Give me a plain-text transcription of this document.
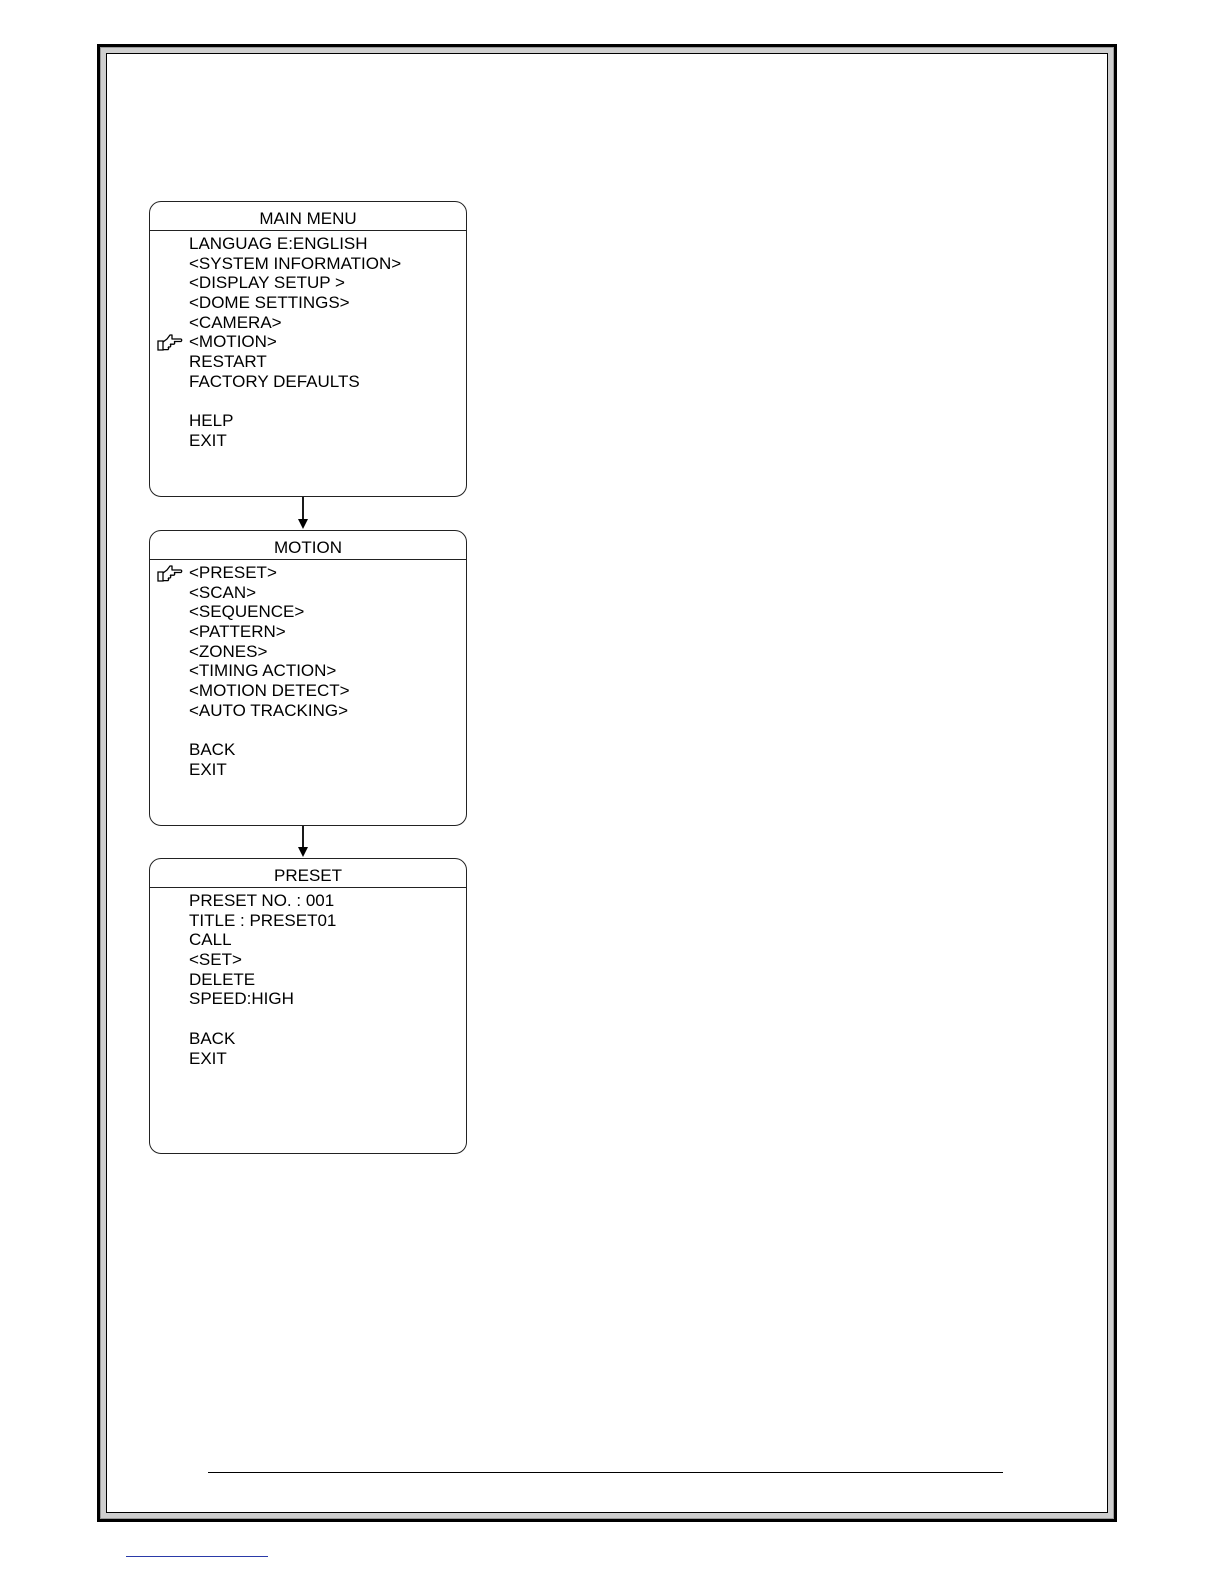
MAIN MENU
LANGUAG E:ENGLISH
<SYSTEM INFORMATION>
<DISPLAY SETUP >
<DOME SETTINGS>
<CAMERA>
<MOTION>
RESTART
FACTORY DEFAULTS
HELP
EXIT
MOTION
<PRESET>
<SCAN>
<SEQUENCE>
<PATTERN>
<ZONES>
<TIMING ACTION>
<MOTION DETECT>
<AUTO TRACKING>
BACK
EXIT
PRESET
PRESET NO. : 001
TITLE : PRESET01
CALL
<SET>
DELETE
SPEED:HIGH
BACK
EXIT
